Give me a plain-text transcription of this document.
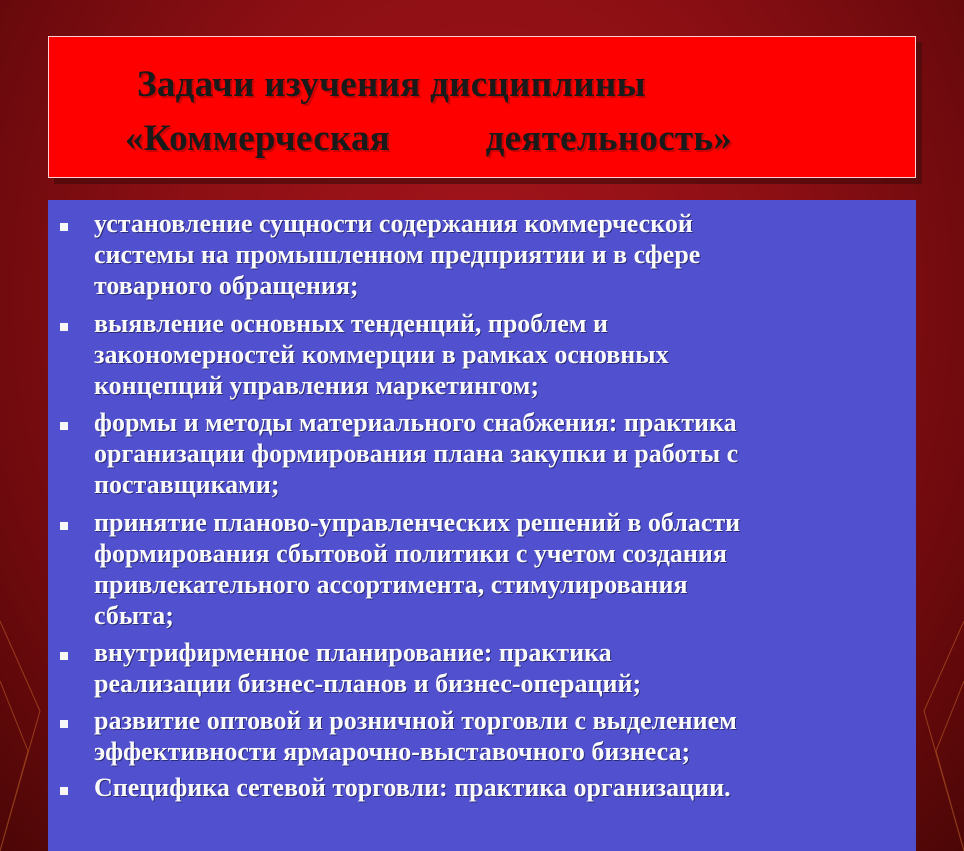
Задачи изучения дисциплины
«Коммерческая          деятельность»

установление сущности содержания коммерческой
системы на промышленном предприятии и в сфере
товарного обращения;

выявление основных тенденций, проблем и
закономерностей коммерции в рамках основных
концепций управления маркетингом;

формы и методы материального снабжения: практика
организации формирования плана закупки и работы с
поставщиками;

принятие планово-управленческих решений в области
формирования сбытовой политики с учетом создания
привлекательного ассортимента, стимулирования
сбыта;

внутрифирменное планирование: практика
реализации бизнес-планов и бизнес-операций;

развитие оптовой и розничной торговли с выделением
эффективности ярмарочно-выставочного бизнеса;

Специфика сетевой торговли: практика организации.
